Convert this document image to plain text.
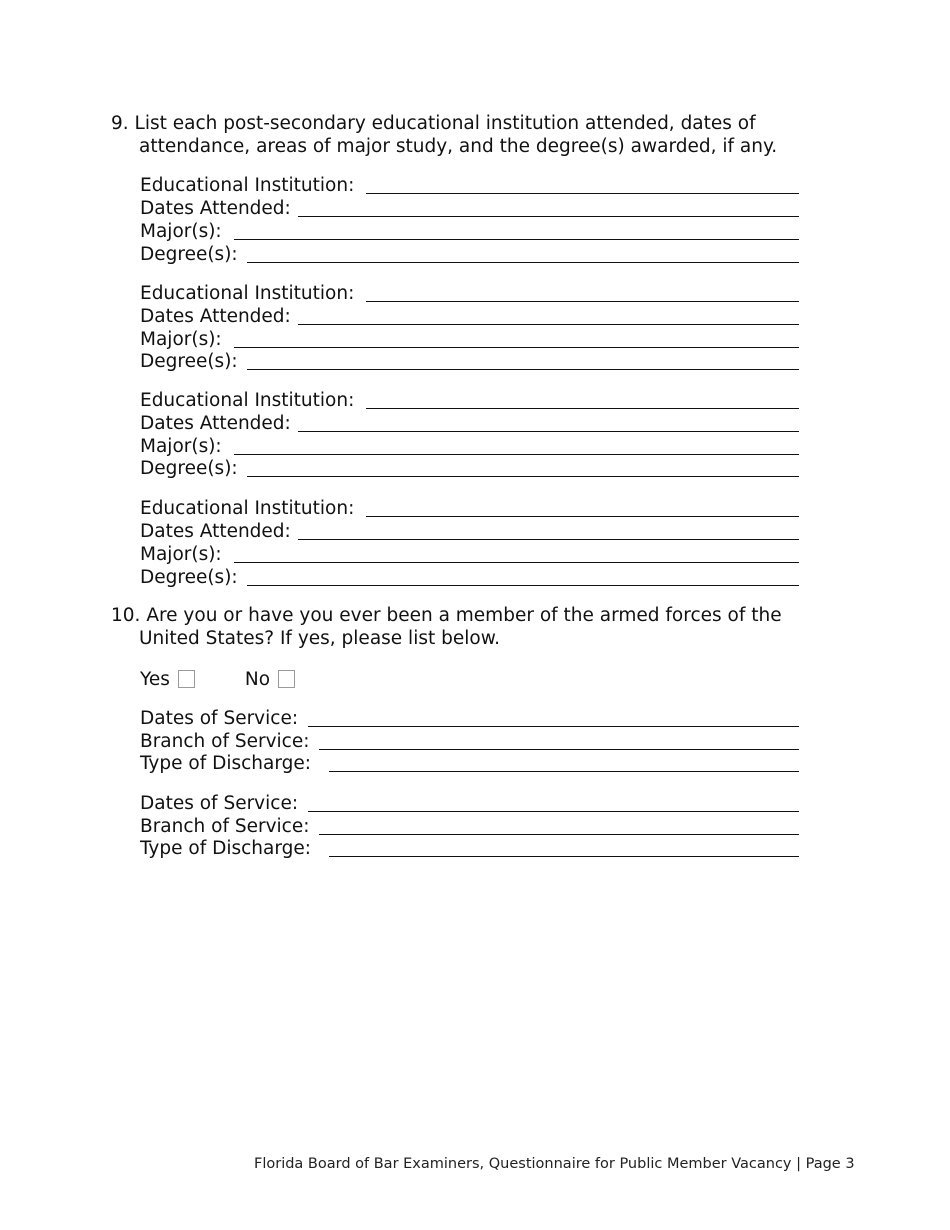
9. List each post-secondary educational institution attended, dates of
attendance, areas of major study, and the degree(s) awarded, if any.
Educational Institution:
Dates Attended:
Major(s):
Degree(s):
Educational Institution:
Dates Attended:
Major(s):
Degree(s):
Educational Institution:
Dates Attended:
Major(s):
Degree(s):
Educational Institution:
Dates Attended:
Major(s):
Degree(s):
10. Are you or have you ever been a member of the armed forces of the
United States? If yes, please list below.
Yes	No
Dates of Service:
Branch of Service:
Type of Discharge:
Dates of Service:
Branch of Service:
Type of Discharge:
Florida Board of Bar Examiners, Questionnaire for Public Member Vacancy | Page 3
